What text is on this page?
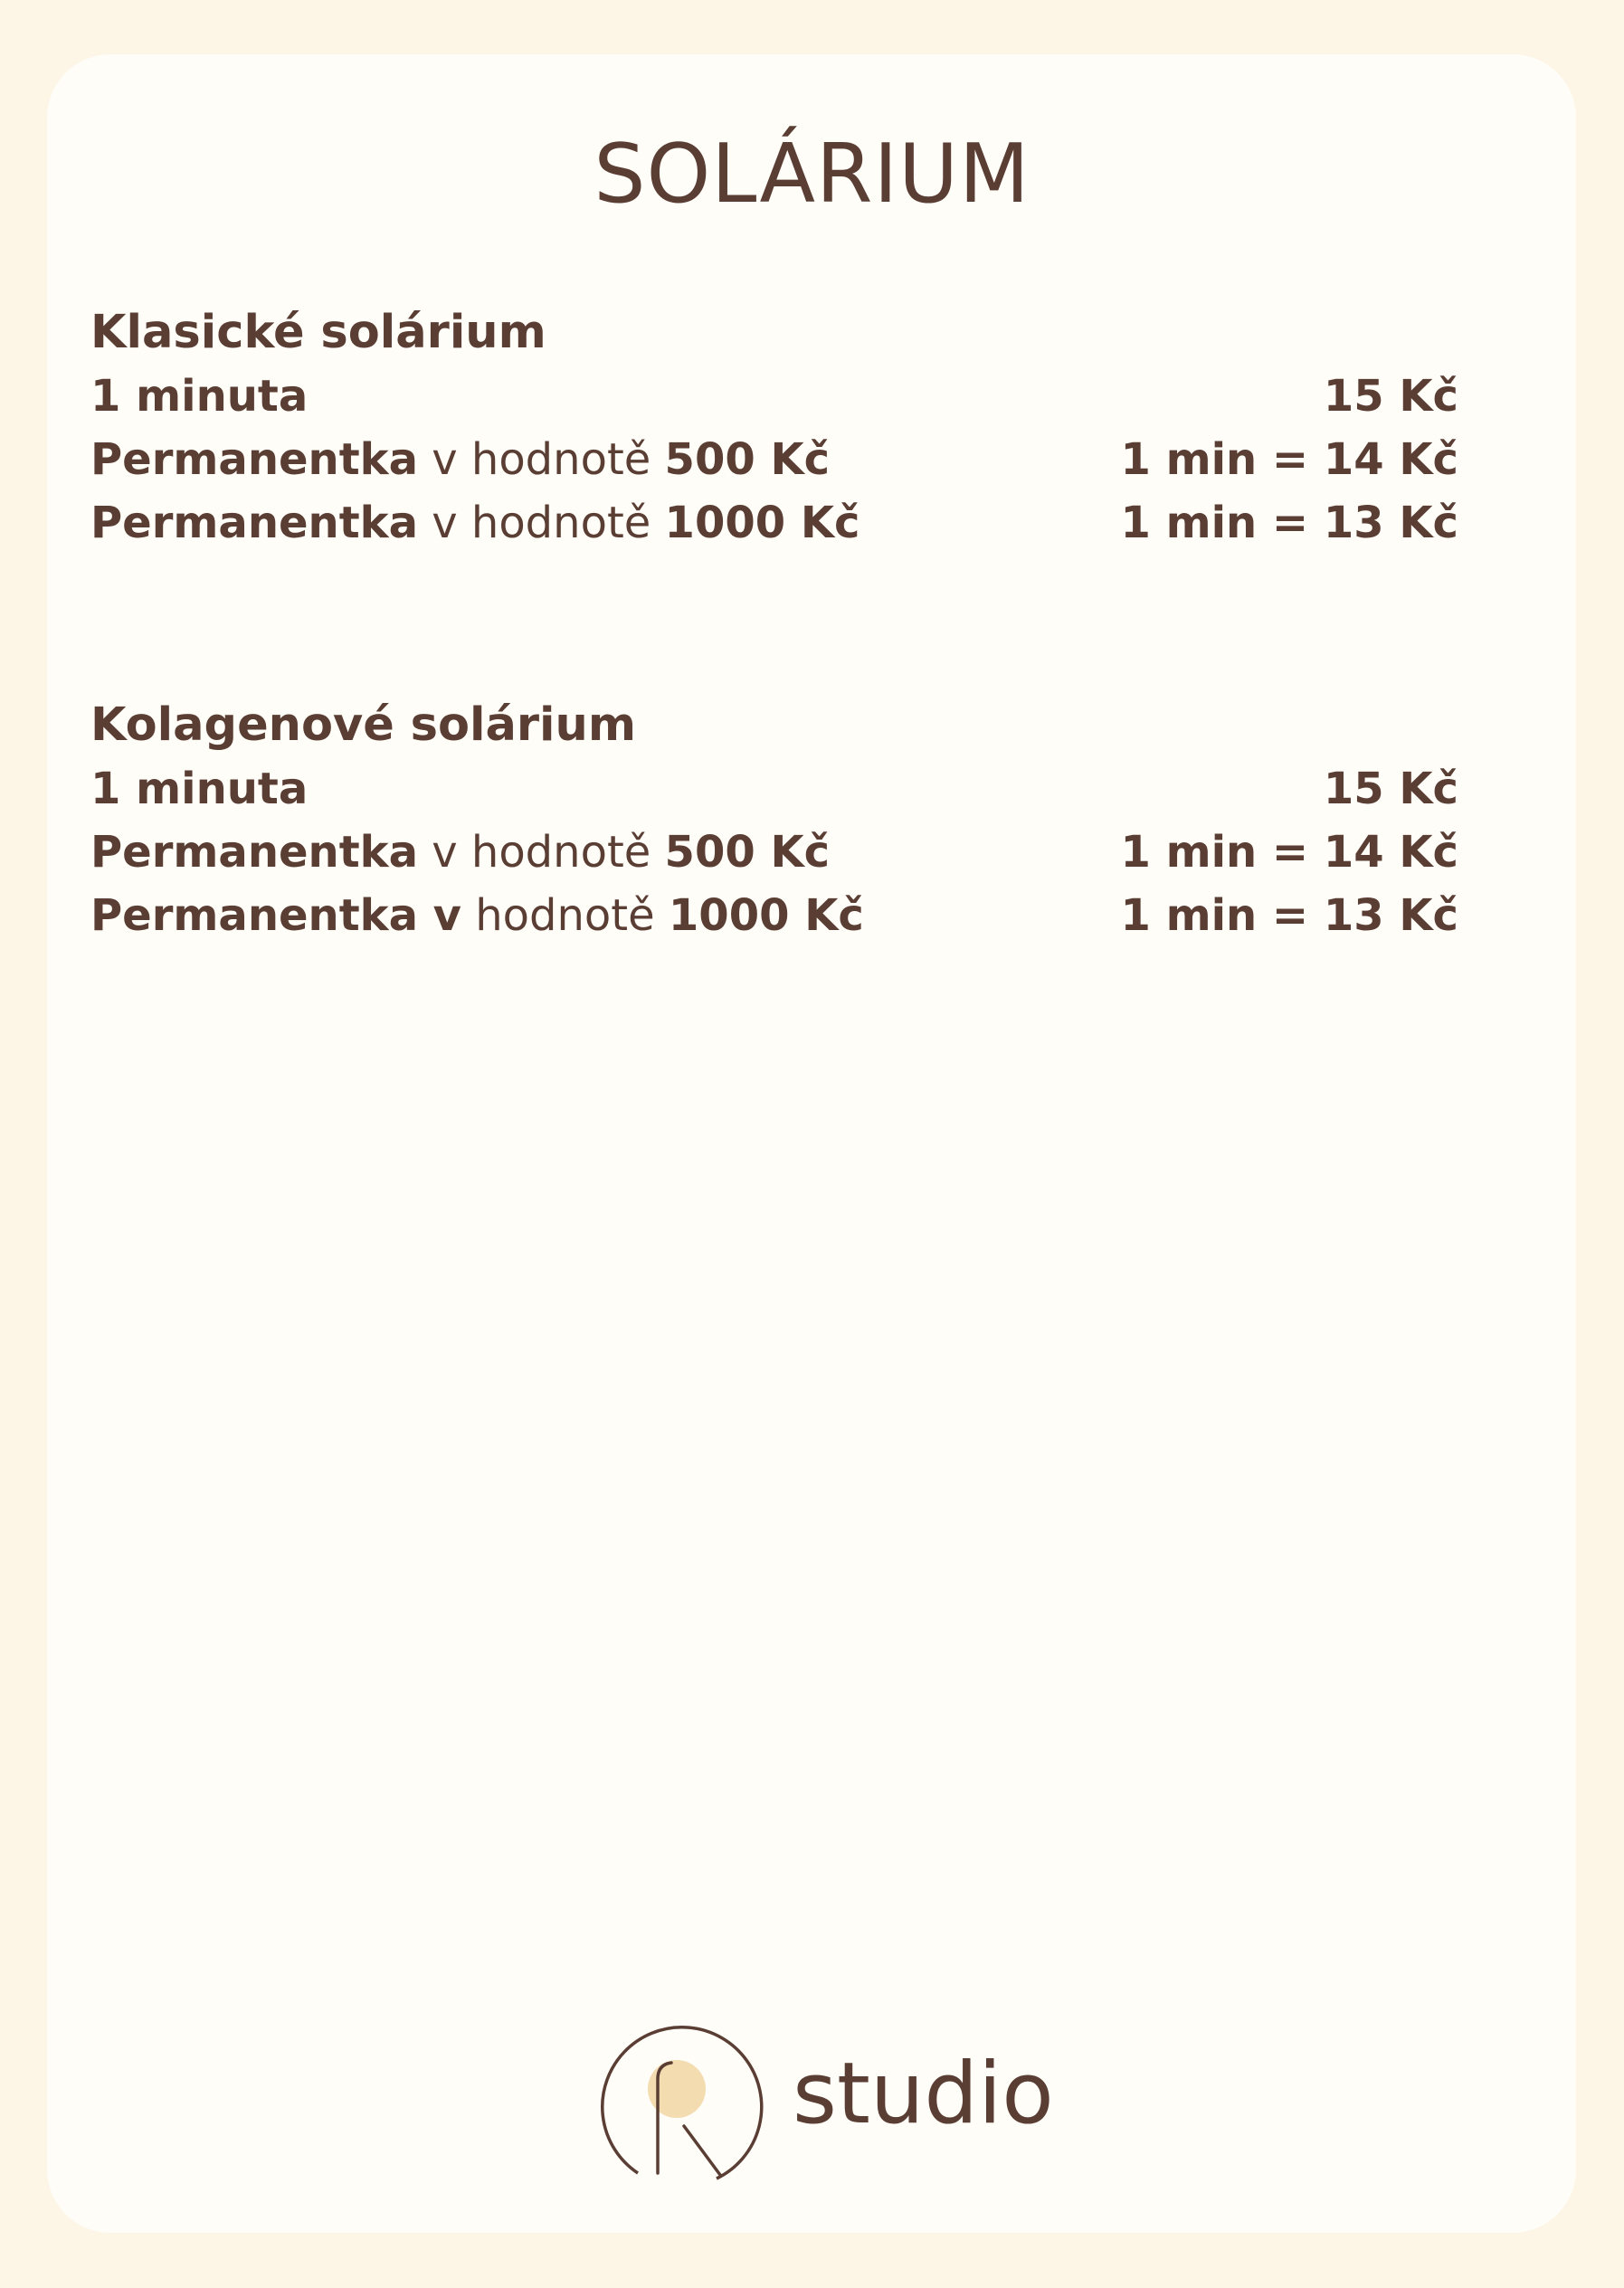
SOLÁRIUM
Klasické solárium
1 minuta	15 Kč
Permanentka v hodnotě 500 Kč	1 min = 14 Kč
Permanentka v hodnotě 1000 Kč	1 min = 13 Kč
Kolagenové solárium
1 minuta	15 Kč
Permanentka v hodnotě 500 Kč	1 min = 14 Kč
Permanentka v hodnotě 1000 Kč	1 min = 13 Kč
studio
